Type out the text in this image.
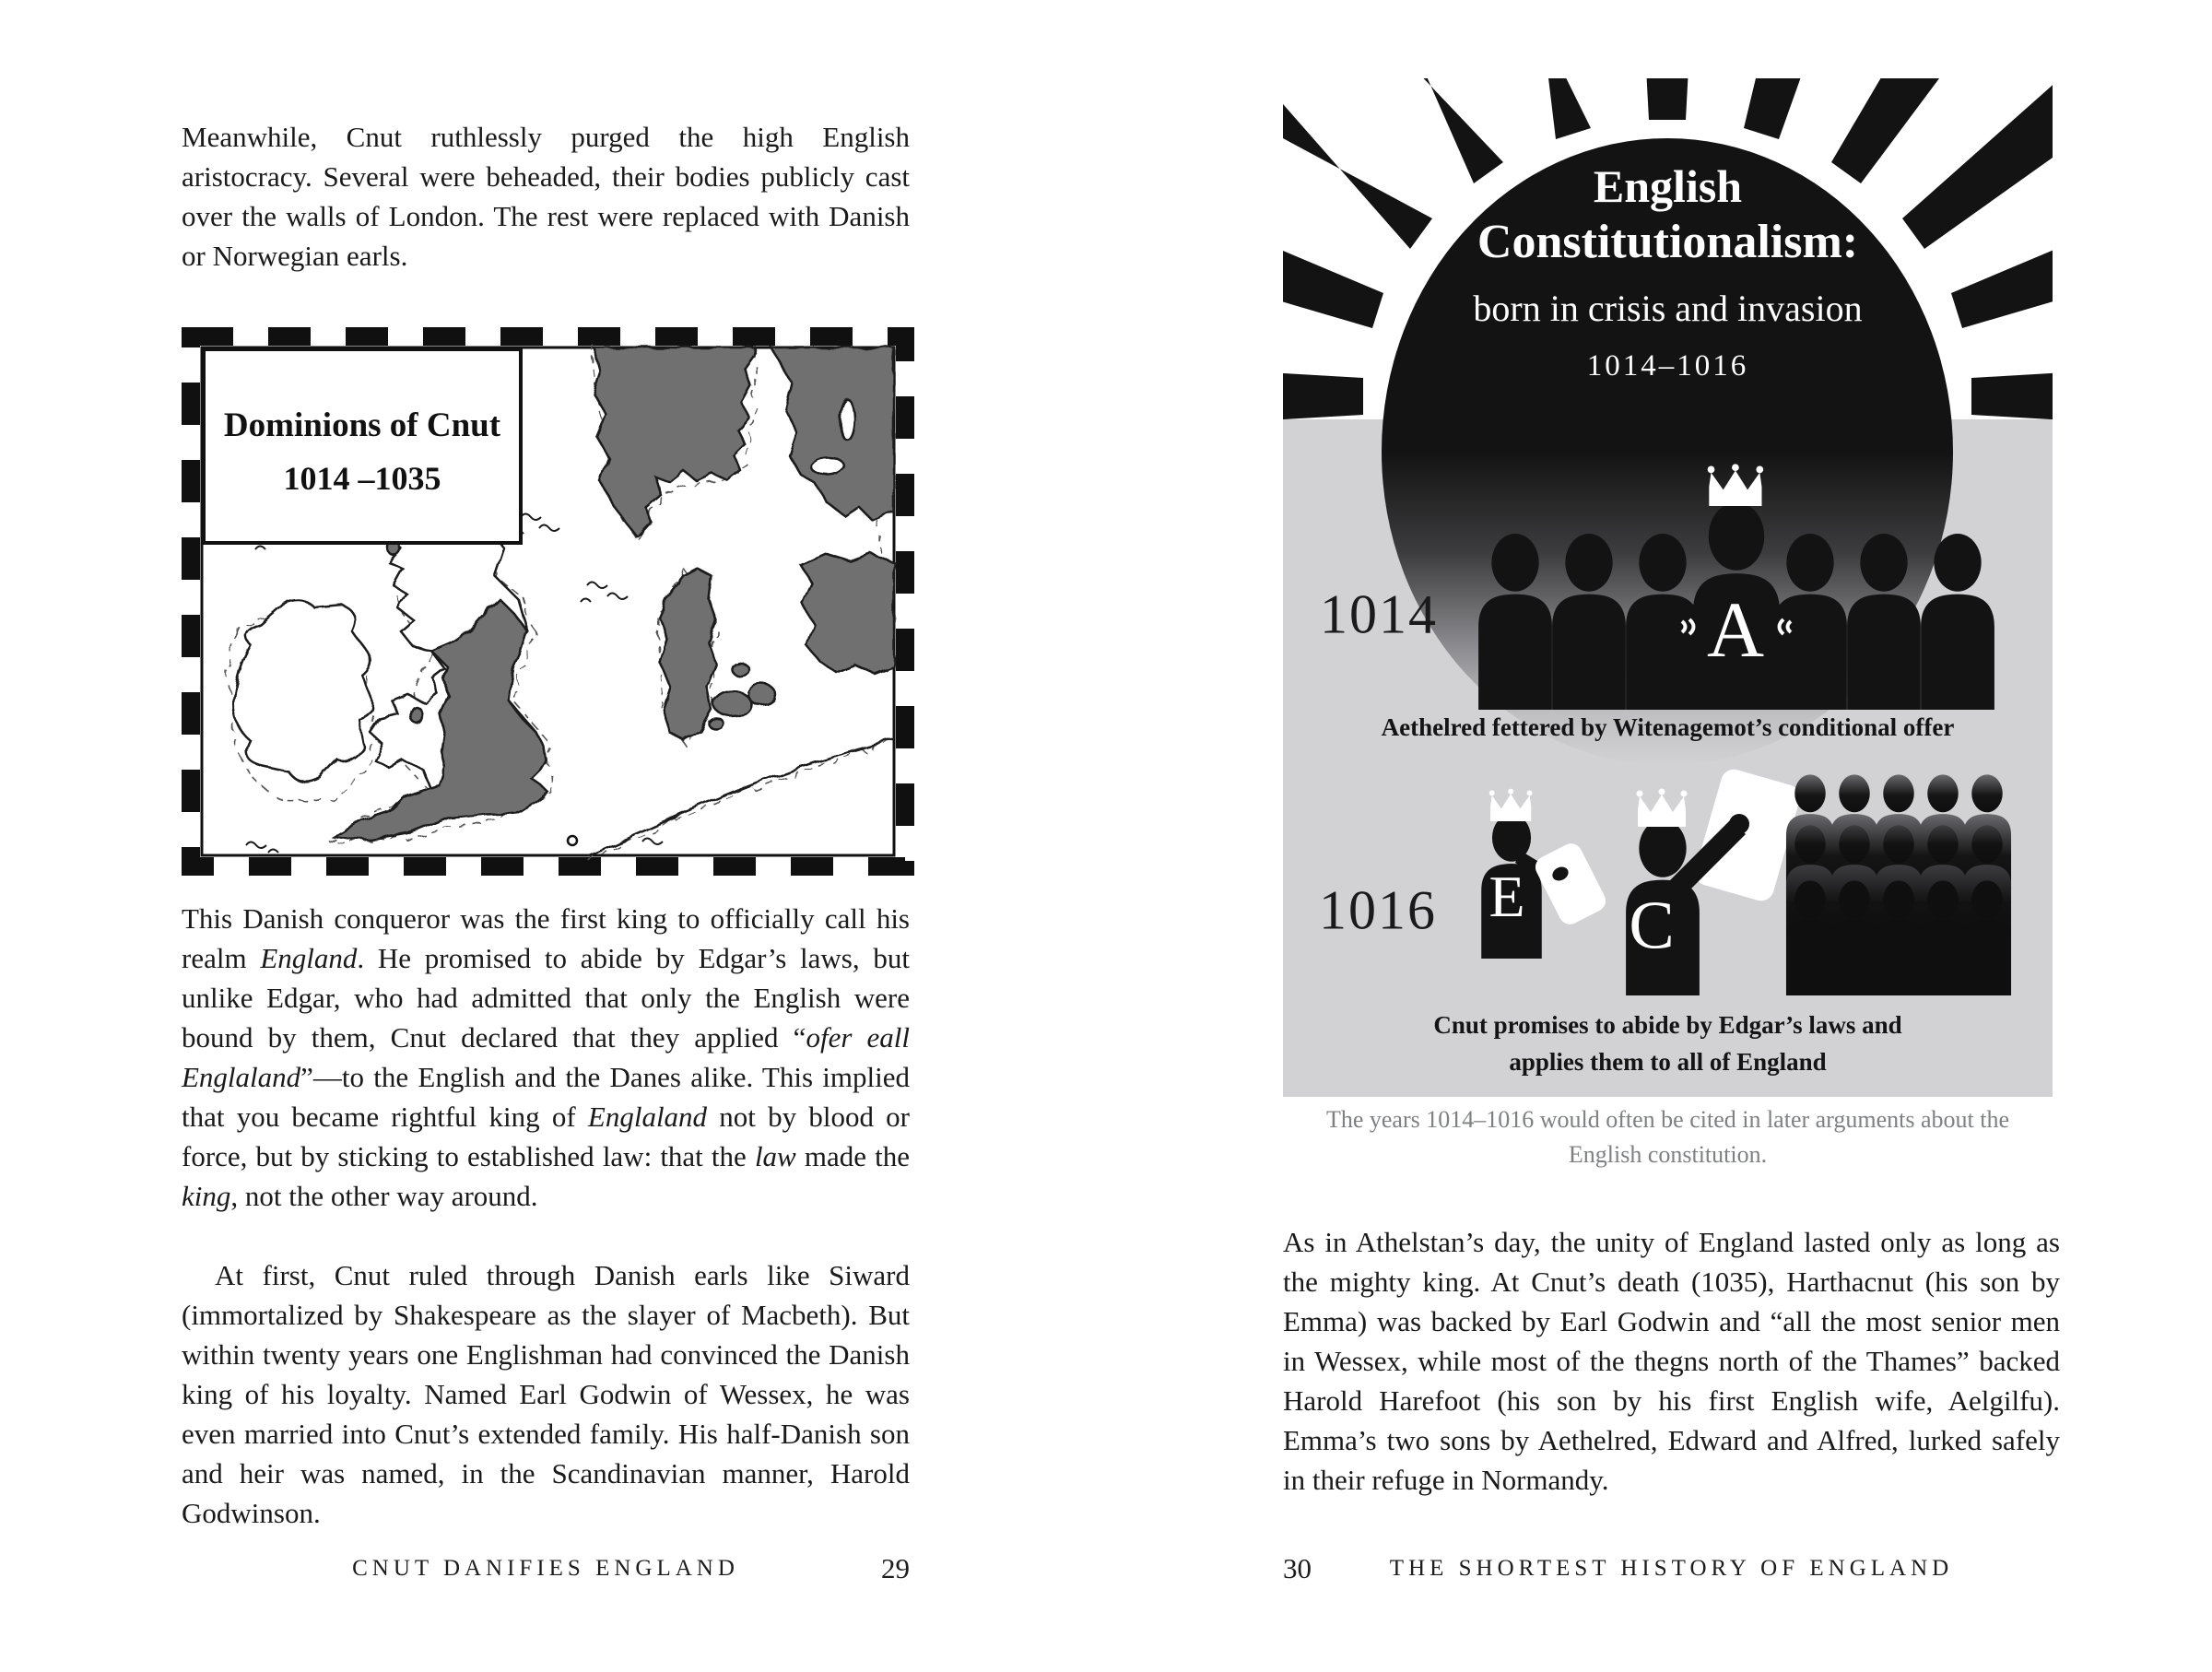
Meanwhile, Cnut ruthlessly purged the high English aristocracy. Several were beheaded, their bodies publicly cast over the walls of London. The rest were replaced with Danish or Norwegian earls.
Dominions of Cnut
1014 –1035
This Danish conqueror was the first king to officially call his realm England. He promised to abide by Edgar’s laws, but unlike Edgar, who had admitted that only the English were bound by them, Cnut declared that they applied “ofer eall Englaland”—to the English and the Danes alike. This implied that you became rightful king of Englaland not by blood or force, but by sticking to established law: that the law made the king, not the other way around.
At first, Cnut ruled through Danish earls like Siward (immortalized by Shakespeare as the slayer of Macbeth). But within twenty years one Englishman had convinced the Danish king of his loyalty. Named Earl Godwin of Wessex, he was even married into Cnut’s extended family. His half-Danish son and heir was named, in the Scandinavian manner, Harold Godwinson.
CNUT DANIFIES ENGLAND	29
English
Constitutionalism:
born in crisis and invasion
1014–1016
1014
1016
A
E C
Aethelred fettered by Witenagemot’s conditional offer
Cnut promises to abide by Edgar’s laws and
applies them to all of England
The years 1014–1016 would often be cited in later arguments about the
English constitution.
As in Athelstan’s day, the unity of England lasted only as long as the mighty king. At Cnut’s death (1035), Harthacnut (his son by Emma) was backed by Earl Godwin and “all the most senior men in Wessex, while most of the thegns north of the Thames” backed Harold Harefoot (his son by his first English wife, Aelgilfu). Emma’s two sons by Aethelred, Edward and Alfred, lurked safely in their refuge in Normandy.
30	THE SHORTEST HISTORY OF ENGLAND
